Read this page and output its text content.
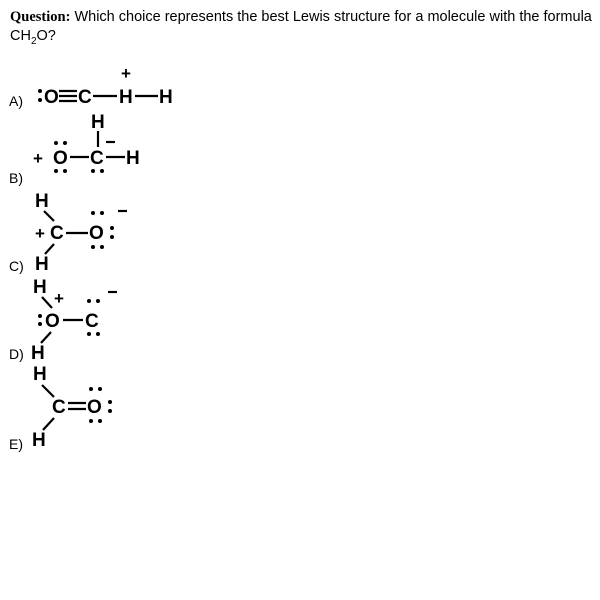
Question: Which choice represents the best Lewis structure for a molecule with the formula $CH_2O$?
A)
B)
C)
D)
E)
O C H
+
H
H
+ O C H
H
+ C O
H
H
+
O C
H
H
C O
H
